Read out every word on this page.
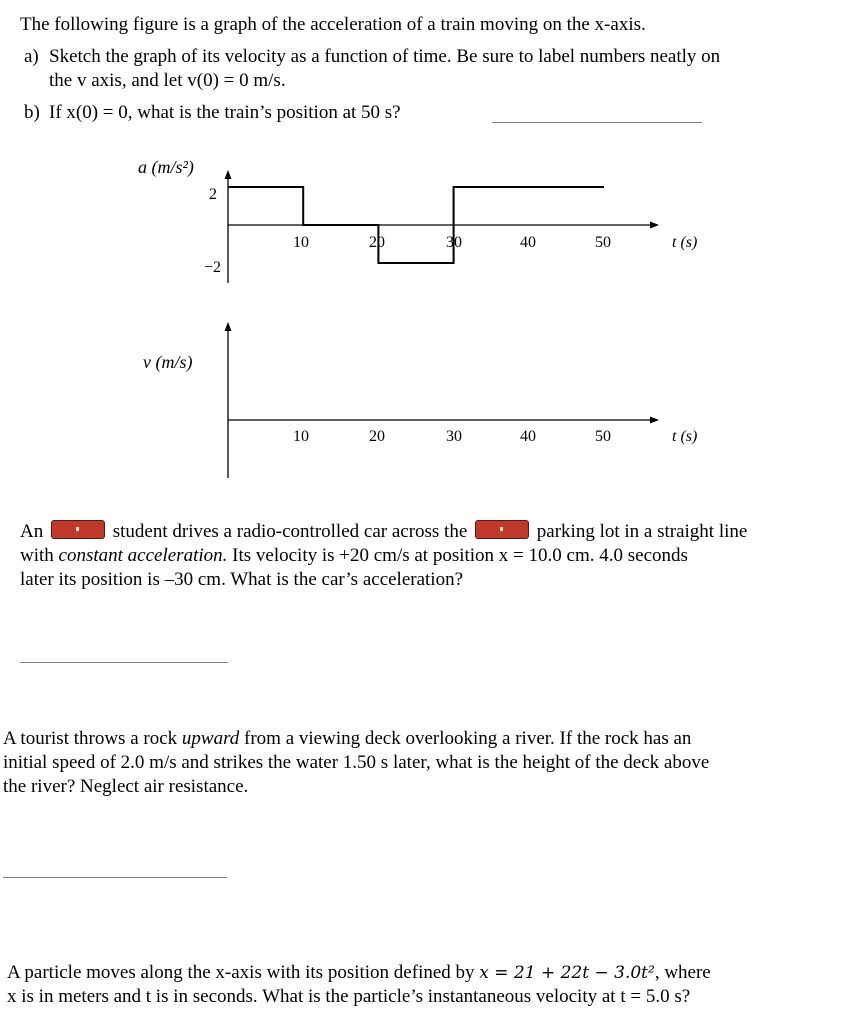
The following figure is a graph of the acceleration of a train moving on the x-axis.
a) Sketch the graph of its velocity as a function of time. Be sure to label numbers neatly on
the v axis, and let v(0) = 0 m/s.
b) If x(0) = 0, what is the train’s position at 50 s?
a (m/s²)
2
−2
10	20	30	40	50	t (s)
v (m/s)
10	20	30	40	50	t (s)
An	student drives a radio-controlled car across the	parking lot in a straight line
with constant acceleration. Its velocity is +20 cm/s at position x = 10.0 cm. 4.0 seconds
later its position is –30 cm. What is the car’s acceleration?
A tourist throws a rock upward from a viewing deck overlooking a river. If the rock has an
initial speed of 2.0 m/s and strikes the water 1.50 s later, what is the height of the deck above
the river? Neglect air resistance.
A particle moves along the x-axis with its position defined by x = 21 + 22t − 3.0t², where
x is in meters and t is in seconds. What is the particle’s instantaneous velocity at t = 5.0 s?
